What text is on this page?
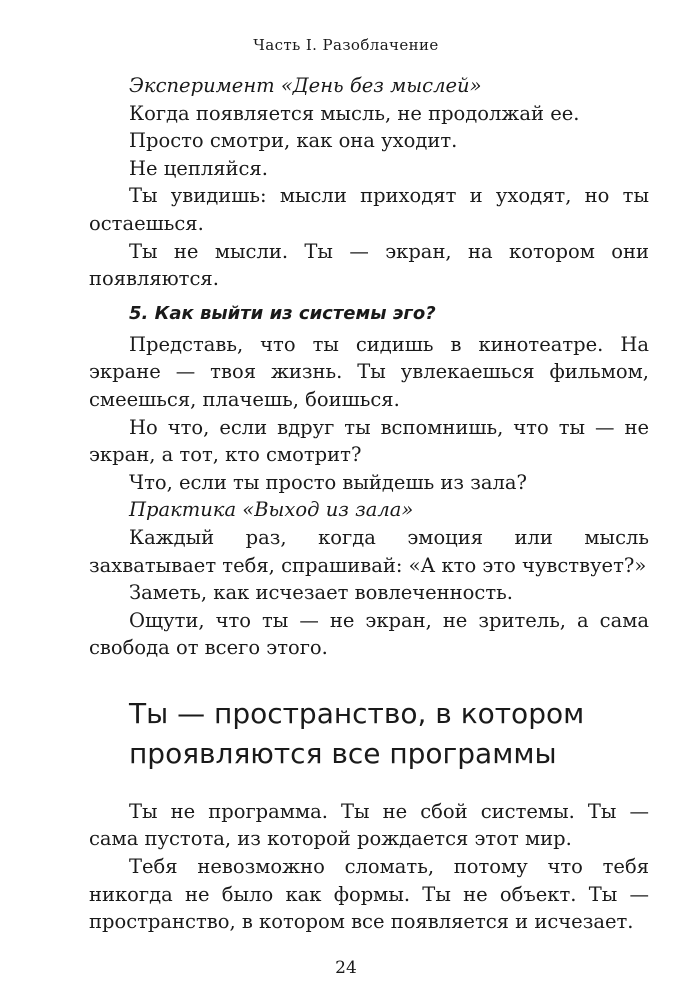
Часть I. Разоблачение

Эксперимент «День без мыслей»

Когда появляется мысль, не продолжай ее.

Просто смотри, как она уходит.

Не цепляйся.

Ты увидишь: мысли приходят и уходят, но ты остаешься.

Ты не мысли. Ты — экран, на котором они появляются.

5. Как выйти из системы эго?

Представь, что ты сидишь в кинотеатре. На экране — твоя жизнь. Ты увлекаешься фильмом, смеешься, плачешь, боишься.

Но что, если вдруг ты вспомнишь, что ты — не экран, а тот, кто смотрит?

Что, если ты просто выйдешь из зала?

Практика «Выход из зала»

Каждый раз, когда эмоция или мысль захватывает тебя, спрашивай: «А кто это чувствует?»

Заметь, как исчезает вовлеченность.

Ощути, что ты — не экран, не зритель, а сама свобода от всего этого.

Ты — пространство, в котором проявляются все программы

Ты не программа. Ты не сбой системы. Ты — сама пустота, из которой рождается этот мир.

Тебя невозможно сломать, потому что тебя никогда не было как формы. Ты не объект. Ты — пространство, в котором все появляется и исчезает.

24
